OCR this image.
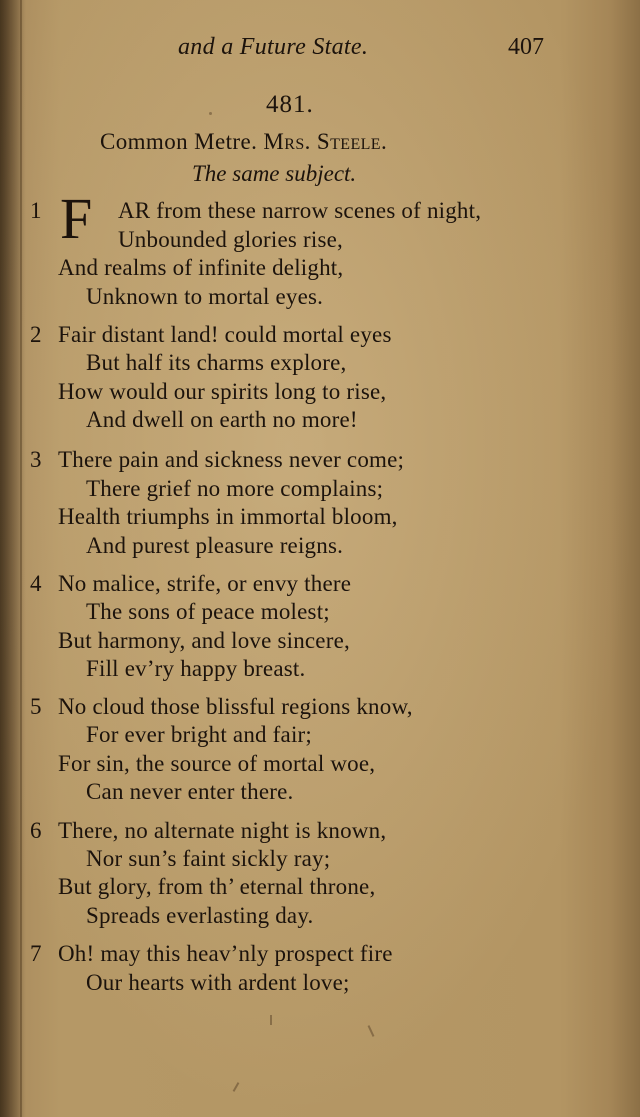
and a Future State.	407
481.
Common Metre. Mrs. Steele.
The same subject.
1 F AR from these narrow scenes of night,
Unbounded glories rise,
And realms of infinite delight,
Unknown to mortal eyes.
2 Fair distant land! could mortal eyes
But half its charms explore,
How would our spirits long to rise,
And dwell on earth no more!
3 There pain and sickness never come;
There grief no more complains;
Health triumphs in immortal bloom,
And purest pleasure reigns.
4 No malice, strife, or envy there
The sons of peace molest;
But harmony, and love sincere,
Fill ev’ry happy breast.
5 No cloud those blissful regions know,
For ever bright and fair;
For sin, the source of mortal woe,
Can never enter there.
6 There, no alternate night is known,
Nor sun’s faint sickly ray;
But glory, from th’ eternal throne,
Spreads everlasting day.
7 Oh! may this heav’nly prospect fire
Our hearts with ardent love;
